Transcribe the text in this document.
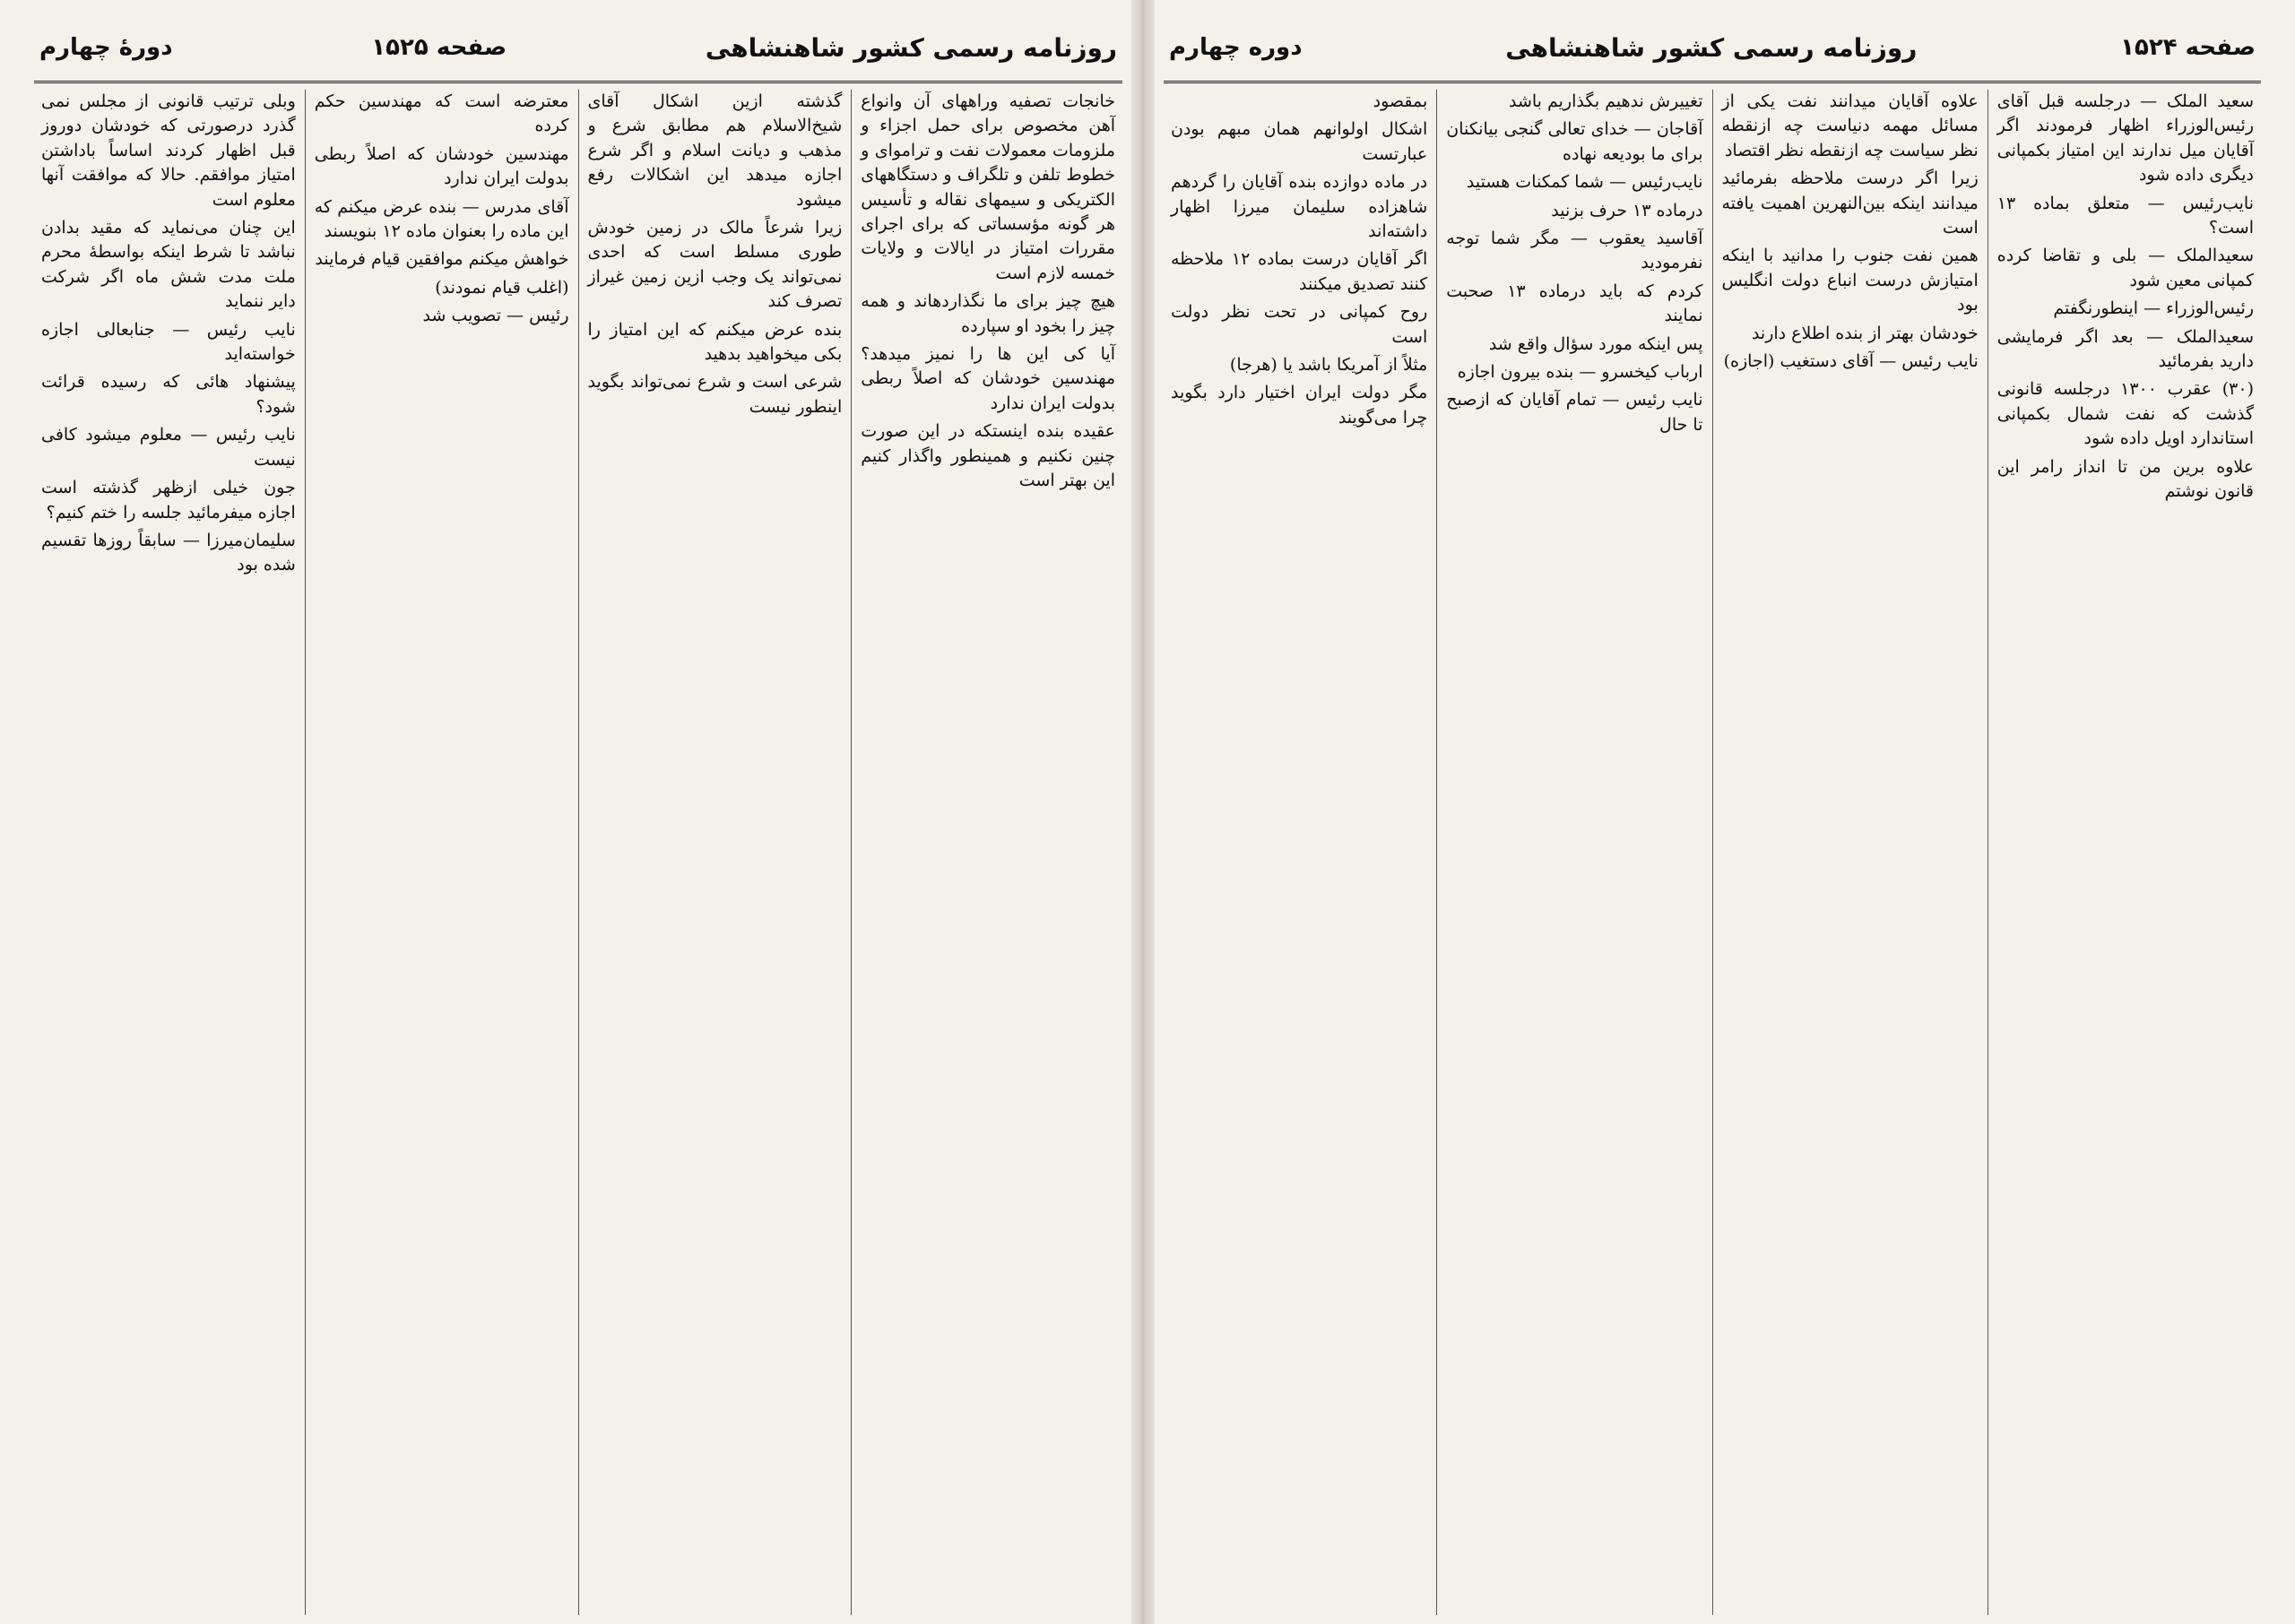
روزنامه رسمی کشور شاهنشاهی
صفحه ۱۵۲۵
دورهٔ چهارم

خانجات تصفیه وراههای آن وانواع آهن مخصوص برای حمل اجزاء و ملزومات معمولات نفت و تراموای و خطوط تلفن و تلگراف و دستگاههای الکتریکی و سیمهای نقاله و تأسیس هر گونه مؤسساتی که برای اجرای مقررات امتیاز در ایالات و ولایات خمسه لازم است

هیچ چیز برای ما نگذاردهاند و همه چیز را بخود او سپارده

آیا کی این ها را نمیز میدهد؟ مهندسین خودشان که اصلاً ربطی بدولت ایران ندارد

عقیده بنده اینستکه در این صورت چنین نکنیم و همینطور واگذار کنیم این بهتر است

گذشته ازین اشکال آقای شیخ‌الاسلام هم مطابق شرع و مذهب و دیانت اسلام و اگر شرع اجازه میدهد این اشکالات رفع میشود

زیرا شرعاً مالک در زمین خودش طوری مسلط است که احدی نمی‌تواند یک وجب ازین زمین غیراز تصرف کند

بنده عرض میکنم که این امتیاز را بکی میخواهید بدهید

شرعی است و شرع نمی‌تواند بگوید اینطور نیست

معترضه است که مهندسین حکم کرده

مهندسین خودشان که اصلاً ربطی بدولت ایران ندارد

آقای مدرس — بنده عرض میکنم که این ماده را بعنوان ماده ۱۲ بنویسند

خواهش میکنم موافقین قیام فرمایند

(اغلب قیام نمودند)

رئیس — تصویب شد

وبلی ترتیب قانونی از مجلس نمی گذرد درصورتی که خودشان دوروز قبل اظهار کردند اساساً باداشتن امتیاز موافقم. حالا که موافقت آنها معلوم است

این چنان می‌نماید که مقید بدادن نباشد تا شرط اینکه بواسطهٔ محرم ملت مدت شش ماه اگر شرکت دایر ننماید

نایب رئیس — جنابعالی اجازه خواسته‌اید

پیشنهاد هائی که رسیده قرائت شود؟

نایب رئیس — معلوم میشود کافی نیست

جون خیلی ازظهر گذشته است اجازه میفرمائید جلسه را ختم کنیم؟

سلیمان‌میرزا — سابقاً روزها تقسیم شده بود

صفحه ۱۵۲۴
روزنامه رسمی کشور شاهنشاهی
دوره چهارم

سعید الملک — درجلسه قبل آقای رئیس‌الوزراء اظهار فرمودند اگر آقایان میل ندارند این امتیاز بکمپانی دیگری داده شود

نایب‌رئیس — متعلق بماده ۱۳ است؟

سعیدالملک — بلی و تقاضا کرده کمپانی معین شود

رئیس‌الوزراء — اینطورنگفتم

سعیدالملک — بعد اگر فرمایشی دارید بفرمائید

(۳۰) عقرب ۱۳۰۰ درجلسه قانونی گذشت که نفت شمال بکمپانی استاندارد اویل داده شود

علاوه برین من تا انداز رامر این قانون نوشتم

علاوه آقایان میدانند نفت یکی از مسائل مهمه دنیاست چه ازنقطه نظر سیاست چه ازنقطه نظر اقتصاد

زیرا اگر درست ملاحظه بفرمائید میدانند اینکه بین‌النهرین اهمیت یافته است

همین نفت جنوب را مدانید با اینکه امتیازش درست انباع دولت انگلیس بود

خودشان بهتر از بنده اطلاع دارند

نایب رئیس — آقای دستغیب (اجازه)

تغییرش ندهیم بگذاریم باشد

آقاجان — خدای تعالی گنجی بیانکنان برای ما بودیعه نهاده

نایب‌رئیس — شما کمکنات هستید

درماده ۱۳ حرف بزنید

آقاسید یعقوب — مگر شما توجه نفرمودید

کردم که باید درماده ۱۳ صحبت نمایند

پس اینکه مورد سؤال واقع شد

ارباب کیخسرو — بنده بیرون اجازه

نایب رئیس — تمام آقایان که ازصبح تا حال

بمقصود

اشکال اولوانهم همان مبهم بودن عبارتست

در ماده دوازده بنده آقایان را گردهم شاهزاده سلیمان میرزا اظهار داشته‌اند

اگر آقایان درست بماده ۱۲ ملاحظه کنند تصدیق میکنند

روح کمپانی در تحت نظر دولت است

مثلاً از آمریکا باشد یا (هرجا)

مگر دولت ایران اختیار دارد بگوید چرا می‌گویند
